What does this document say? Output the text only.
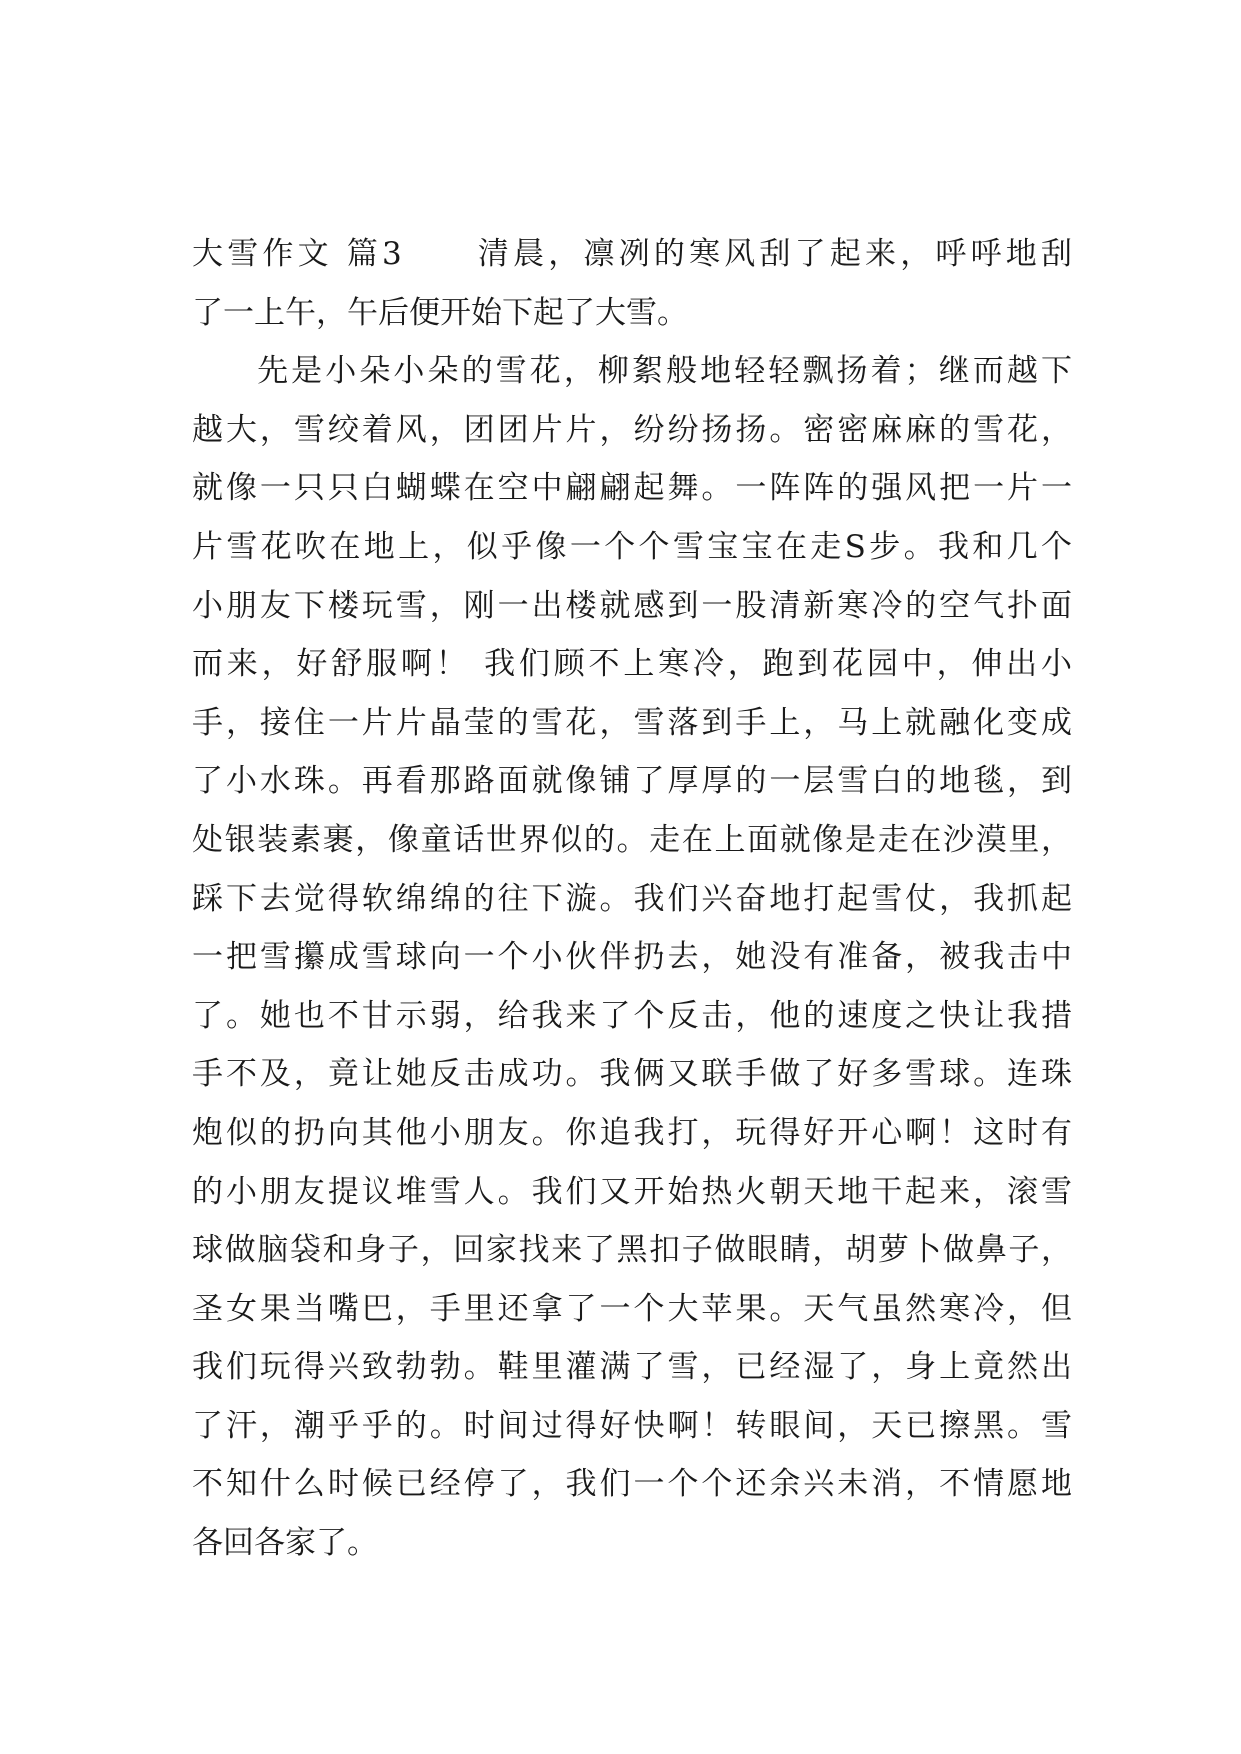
大雪作文 篇3 清晨，凛冽的寒风刮了起来，呼呼地刮
了一上午，午后便开始下起了大雪。
先是小朵小朵的雪花，柳絮般地轻轻飘扬着；继而越下
越大，雪绞着风，团团片片，纷纷扬扬。密密麻麻的雪花，
就像一只只白蝴蝶在空中翩翩起舞。一阵阵的强风把一片一
片雪花吹在地上，似乎像一个个雪宝宝在走S步。我和几个
小朋友下楼玩雪，刚一出楼就感到一股清新寒冷的空气扑面
而来，好舒服啊！ 我们顾不上寒冷，跑到花园中，伸出小
手，接住一片片晶莹的雪花，雪落到手上，马上就融化变成
了小水珠。再看那路面就像铺了厚厚的一层雪白的地毯，到
处银装素裹，像童话世界似的。走在上面就像是走在沙漠里，
踩下去觉得软绵绵的往下漩。我们兴奋地打起雪仗，我抓起
一把雪攥成雪球向一个小伙伴扔去，她没有准备，被我击中
了。她也不甘示弱，给我来了个反击，他的速度之快让我措
手不及，竟让她反击成功。我俩又联手做了好多雪球。连珠
炮似的扔向其他小朋友。你追我打，玩得好开心啊！这时有
的小朋友提议堆雪人。我们又开始热火朝天地干起来，滚雪
球做脑袋和身子，回家找来了黑扣子做眼睛，胡萝卜做鼻子，
圣女果当嘴巴，手里还拿了一个大苹果。天气虽然寒冷，但
我们玩得兴致勃勃。鞋里灌满了雪，已经湿了，身上竟然出
了汗，潮乎乎的。时间过得好快啊！转眼间，天已擦黑。雪
不知什么时候已经停了，我们一个个还余兴未消，不情愿地
各回各家了。
